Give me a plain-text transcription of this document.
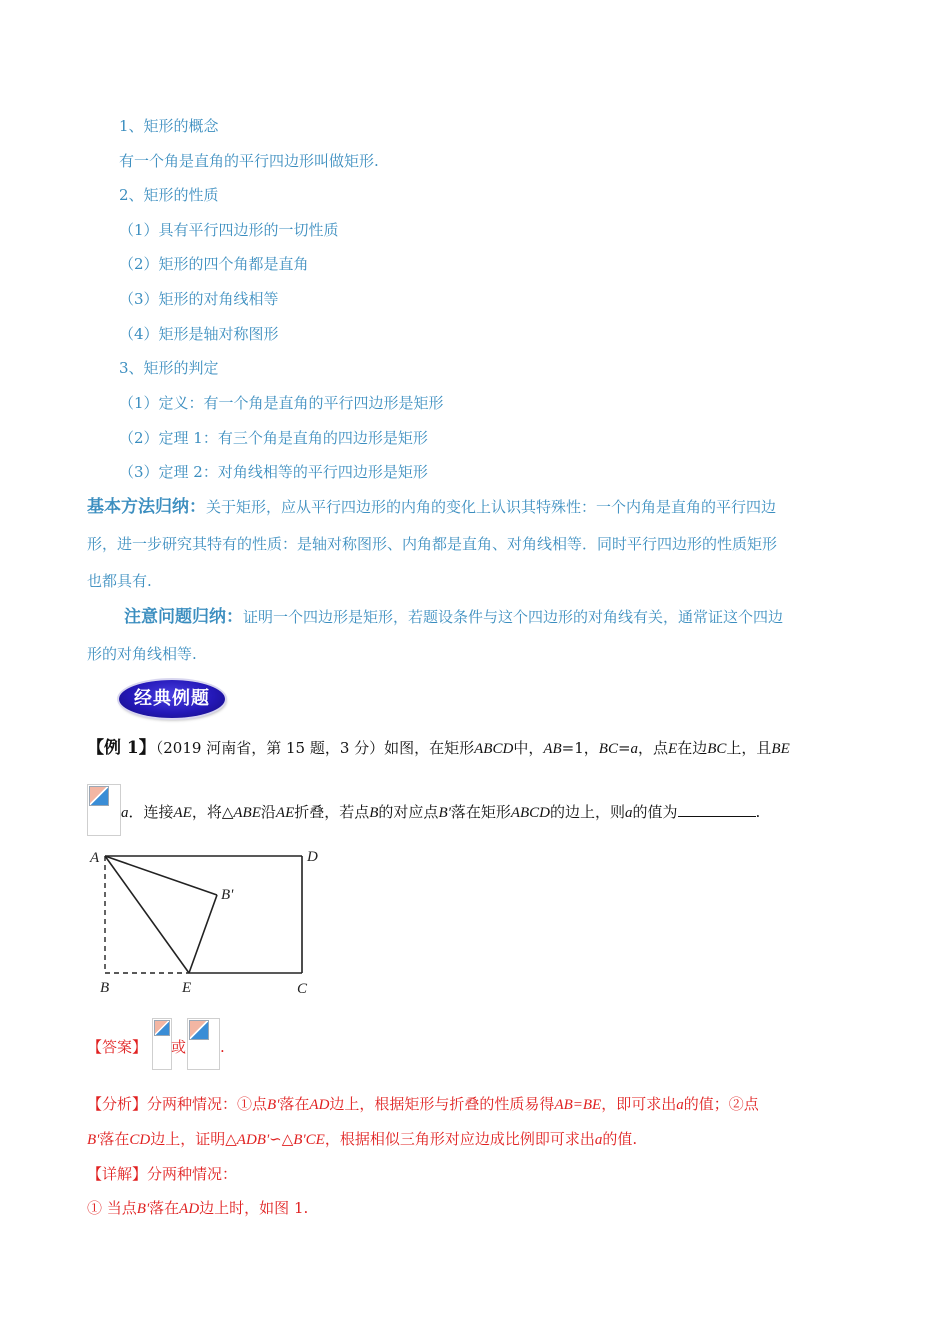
1、矩形的概念
有一个角是直角的平行四边形叫做矩形.
2、矩形的性质
（1）具有平行四边形的一切性质
（2）矩形的四个角都是直角
（3）矩形的对角线相等
（4）矩形是轴对称图形
3、矩形的判定
（1）定义：有一个角是直角的平行四边形是矩形
（2）定理 1：有三个角是直角的四边形是矩形
（3）定理 2：对角线相等的平行四边形是矩形
基本方法归纳：关于矩形，应从平行四边形的内角的变化上认识其特殊性：一个内角是直角的平行四边
形，进一步研究其特有的性质：是轴对称图形、内角都是直角、对角线相等．同时平行四边形的性质矩形
也都具有.
注意问题归纳：证明一个四边形是矩形，若题设条件与这个四边形的对角线有关，通常证这个四边
形的对角线相等.
经典例题
【例 1】（2019 河南省，第 15 题，3 分）如图，在矩形ABCD中，AB=1，BC=a，点E在边BC上，且BE
a．连接AE，将△ABE沿AE折叠，若点B的对应点B'落在矩形ABCD的边上，则a的值为	.
A	D
B'
B	E	C
【答案】 或 .
【分析】分两种情况：①点B'落在AD边上，根据矩形与折叠的性质易得AB=BE，即可求出a的值；②点
B'落在CD边上，证明△ADB'∽△B'CE，根据相似三角形对应边成比例即可求出a的值.
【详解】分两种情况：
① 当点B'落在AD边上时，如图 1.
